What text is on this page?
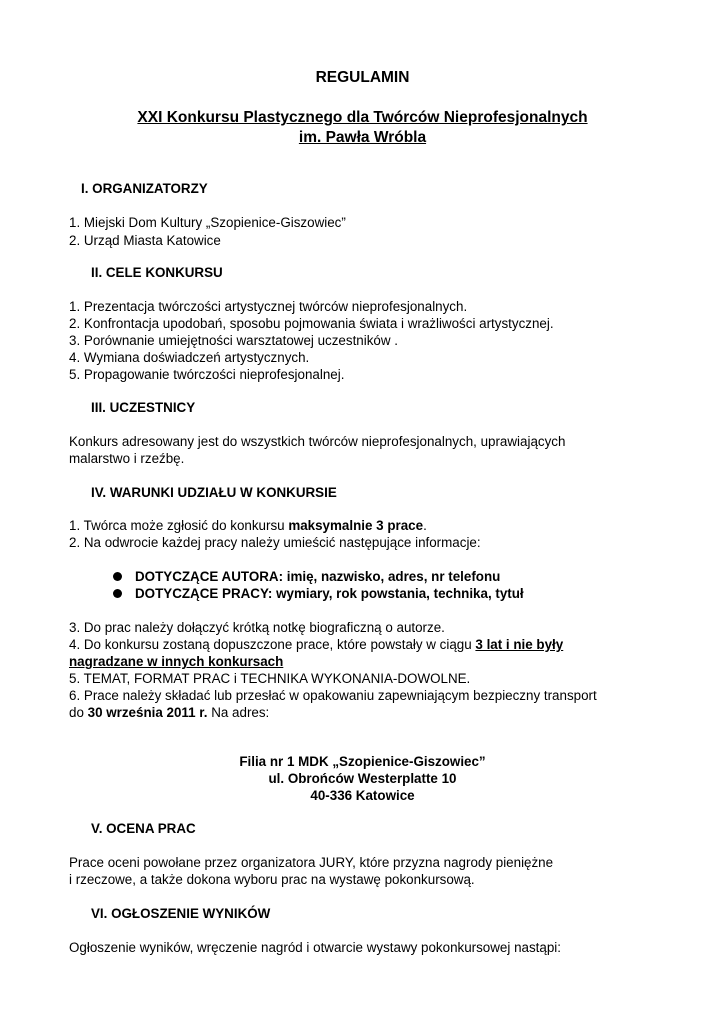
REGULAMIN
XXI Konkursu Plastycznego dla Twórców Nieprofesjonalnych
im. Pawła Wróbla
I. ORGANIZATORZY
1. Miejski Dom Kultury „Szopienice-Giszowiec”
2. Urząd Miasta Katowice
II. CELE KONKURSU
1. Prezentacja twórczości artystycznej twórców nieprofesjonalnych.
2. Konfrontacja upodobań, sposobu pojmowania świata i wrażliwości artystycznej.
3. Porównanie umiejętności warsztatowej uczestników .
4. Wymiana doświadczeń artystycznych.
5. Propagowanie twórczości nieprofesjonalnej.
III. UCZESTNICY
Konkurs adresowany jest do wszystkich twórców nieprofesjonalnych, uprawiających
malarstwo i rzeźbę.
IV. WARUNKI UDZIAŁU W KONKURSIE
1. Twórca może zgłosić do konkursu maksymalnie 3 prace.
2. Na odwrocie każdej pracy należy umieścić następujące informacje:
DOTYCZĄCE AUTORA: imię, nazwisko, adres, nr telefonu
DOTYCZĄCE PRACY: wymiary, rok powstania, technika, tytuł
3. Do prac należy dołączyć krótką notkę biograficzną o autorze.
4. Do konkursu zostaną dopuszczone prace, które powstały w ciągu 3 lat i nie były
nagradzane w innych konkursach
5. TEMAT, FORMAT PRAC i TECHNIKA WYKONANIA-DOWOLNE.
6. Prace należy składać lub przesłać w opakowaniu zapewniającym bezpieczny transport
do 30 września 2011 r. Na adres:
Filia nr 1 MDK „Szopienice-Giszowiec”
ul. Obrońców Westerplatte 10
40-336 Katowice
V. OCENA PRAC
Prace oceni powołane przez organizatora JURY, które przyzna nagrody pieniężne
i rzeczowe, a także dokona wyboru prac na wystawę pokonkursową.
VI. OGŁOSZENIE WYNIKÓW
Ogłoszenie wyników, wręczenie nagród i otwarcie wystawy pokonkursowej nastąpi:
